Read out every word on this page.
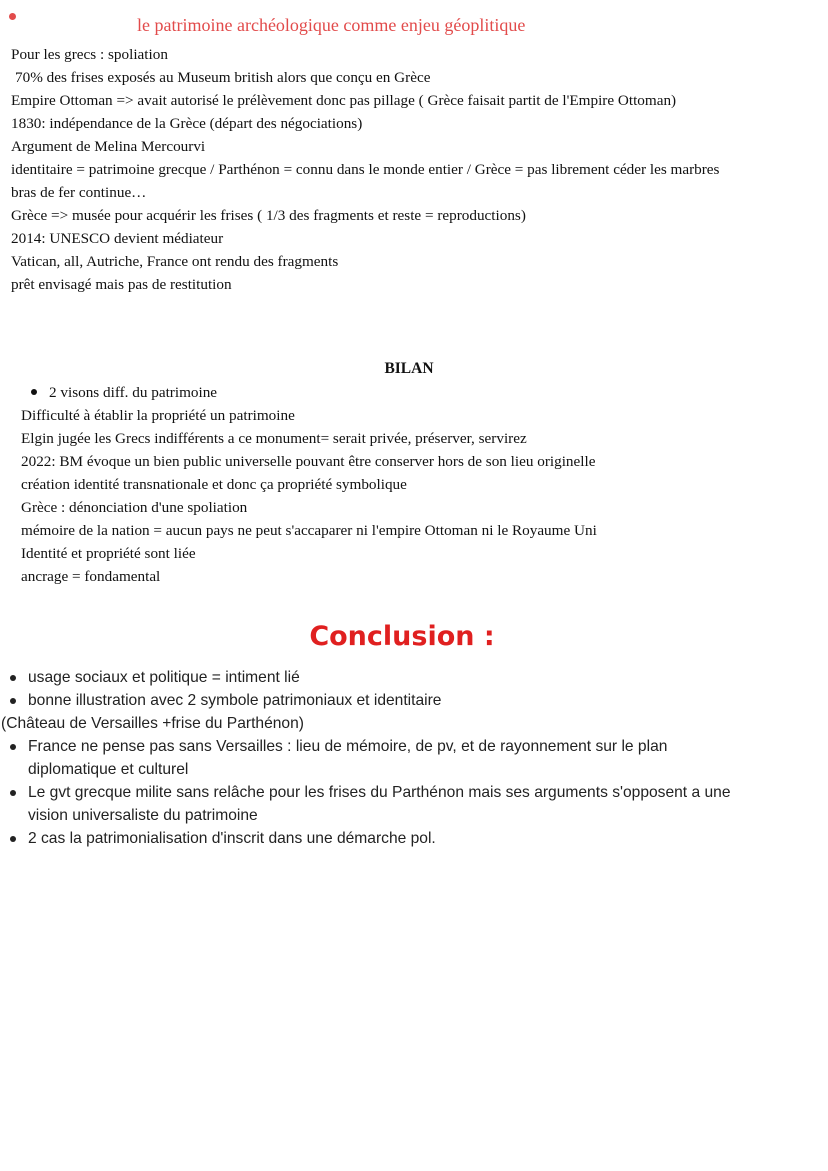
le patrimoine archéologique comme enjeu géoplitique
Pour les grecs : spoliation
70% des frises exposés au Museum british alors que conçu en Grèce
Empire Ottoman => avait autorisé le prélèvement donc pas pillage ( Grèce faisait partit de l'Empire Ottoman)
1830: indépendance de la Grèce (départ des négociations)
Argument de Melina Mercourvi
identitaire = patrimoine grecque / Parthénon = connu dans le monde entier / Grèce = pas librement céder les marbres
bras de fer continue…
Grèce => musée pour acquérir les frises ( 1/3 des fragments et reste = reproductions)
2014: UNESCO devient médiateur
Vatican, all, Autriche, France ont rendu des fragments
prêt envisagé mais pas de restitution
BILAN
2 visons diff. du patrimoine
Difficulté à établir la propriété un patrimoine
Elgin jugée les Grecs indifférents a ce monument= serait privée, préserver, servirez
2022: BM évoque un bien public universelle pouvant être conserver hors de son lieu originelle
création identité transnationale et donc ça propriété symbolique
Grèce : dénonciation d'une spoliation
mémoire de la nation = aucun pays ne peut s'accaparer ni l'empire Ottoman ni le Royaume Uni
Identité et propriété sont liée
ancrage = fondamental
Conclusion :
usage sociaux et politique = intiment lié
bonne illustration avec 2 symbole patrimoniaux et identitaire
(Château de Versailles +frise du Parthénon)
France ne pense pas sans Versailles : lieu de mémoire, de pv, et de rayonnement sur le plan
diplomatique et culturel
Le gvt grecque milite sans relâche pour les frises du Parthénon mais ses arguments s'opposent a une
vision universaliste du patrimoine
2 cas la patrimonialisation d'inscrit dans une démarche pol.
